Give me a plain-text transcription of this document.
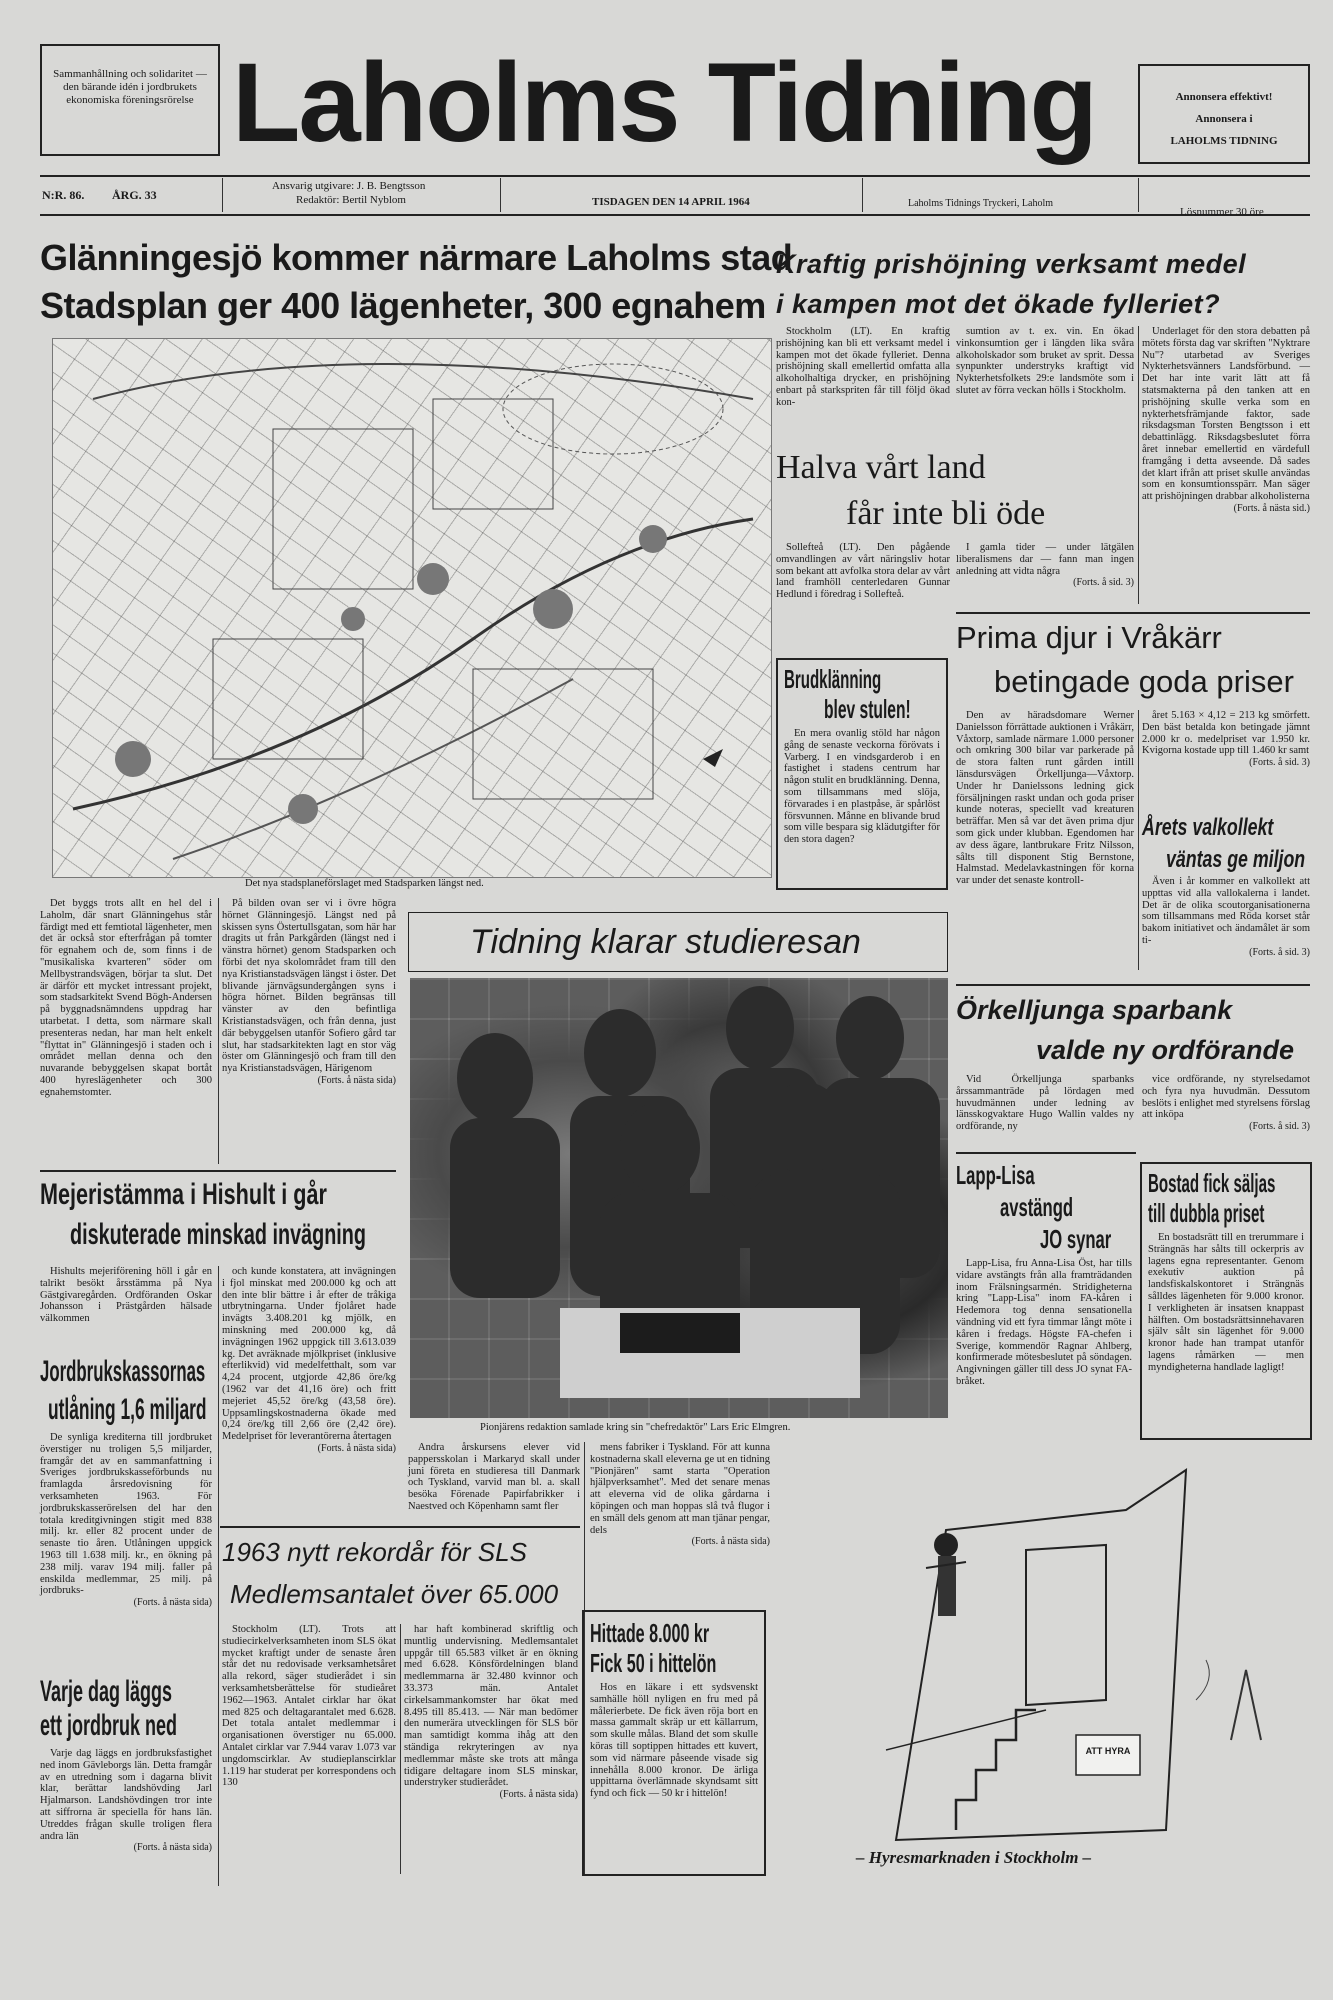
Sammanhållning och solidaritet — den bärande idén i jordbrukets ekonomiska föreningsrörelse Laholms Tidning	Annonsera effektivt!
Annonsera i
LAHOLMS TIDNING
N:R. 86. ÅRG. 33
Ansvarig utgivare: J. B. Bengtsson
Redaktör: Bertil Nyblom	TISDAGEN DEN 14 APRIL 1964	Laholms Tidnings Tryckeri, Laholm
Lösnummer 30 öre
Glänningesjö kommer närmare Laholms stad
Stadsplan ger 400 lägenheter, 300 egnahem
Det nya stadsplaneförslaget med Stadsparken längst ned.

Det byggs trots allt en hel del i Laholm, där snart Glänningehus står färdigt med ett femtiotal lägenheter, men det är också stor efterfrågan på tomter för egnahem och de, som finns i de "musikaliska kvarteren" söder om Mellbystrandsvägen, börjar ta slut. Det är därför ett mycket intressant projekt, som stadsarkitekt Svend Bögh-Andersen på byggnadsnämndens uppdrag har utarbetat. I detta, som närmare skall presenteras nedan, har man helt enkelt "flyttat in" Glänningesjö i staden och i området mellan denna och den nuvarande bebyggelsen skapat bortåt 400 hyreslägenheter och 300 egnahemstomter.

På bilden ovan ser vi i övre högra hörnet Glänningesjö. Längst ned på skissen syns Östertullsgatan, som här har dragits ut från Parkgården (längst ned i vänstra hörnet) genom Stadsparken och förbi det nya skolområdet fram till den nya Kristianstadsvägen längst i öster. Det blivande järnvägsundergången syns i högra hörnet. Bilden begränsas till vänster av den befintliga Kristianstadsvägen, och från denna, just där bebyggelsen utanför Sofiero gård tar slut, har stadsarkitekten lagt en stor väg öster om Glänningesjö och fram till den nya Kristianstadsvägen, Härigenom

(Forts. å nästa sida)
Mejeristämma i Hishult i går
diskuterade minskad invägning

Hishults mejeriförening höll i går en talrikt besökt årsstämma på Nya Gästgivaregården. Ordföranden Oskar Johansson i Prästgården hälsade välkommen

och kunde konstatera, att invägningen i fjol minskat med 200.000 kg och att den inte blir bättre i år efter de tråkiga utbrytningarna. Under fjolåret hade invägts 3.408.201 kg mjölk, en minskning med 200.000 kg, då invägningen 1962 uppgick till 3.613.039 kg. Det avräknade mjölkpriset (inklusive efterlikvid) vid medelfetthalt, som var 4,24 procent, utgjorde 42,86 öre/kg (1962 var det 41,16 öre) och fritt mejeriet 45,52 öre/kg (43,58 öre). Uppsamlingskostnaderna ökade med 0,24 öre/kg till 2,66 öre (2,42 öre). Medelpriset för leverantörerna återtagen

(Forts. å nästa sida)
Jordbrukskassornas
utlåning 1,6 miljard

De synliga krediterna till jordbruket överstiger nu troligen 5,5 miljarder, framgår det av en sammanfattning i Sveriges jordbrukskasseförbunds nu framlagda årsredovisning för verksamheten 1963. För jordbrukskasserörelsen del har den totala kreditgivningen stigit med 838 milj. kr. eller 82 procent under de senaste tio åren. Utlåningen uppgick 1963 till 1.638 milj. kr., en ökning på 238 milj. varav 194 milj. faller på enskilda medlemmar, 25 milj. på jordbruks-

(Forts. å nästa sida)
Varje dag läggs
ett jordbruk ned

Varje dag läggs en jordbruksfastighet ned inom Gävleborgs län. Detta framgår av en utredning som i dagarna blivit klar, berättar landshövding Jarl Hjalmarson. Landshövdingen tror inte att siffrorna är speciella för hans län. Utreddes frågan skulle troligen flera andra län

(Forts. å nästa sida)
Tidning klarar studieresan
Pionjärens redaktion samlade kring sin "chefredaktör" Lars Eric Elmgren.

Andra årskursens elever vid pappersskolan i Markaryd skall under juni företa en studieresa till Danmark och Tyskland, varvid man bl. a. skall besöka Förenade Papirfabrikker i Naestved och Köpenhamn samt fler

mens fabriker i Tyskland. För att kunna kostnaderna skall eleverna ge ut en tidning "Pionjären" samt starta "Operation hjälpverksamhet". Med det senare menas att eleverna vid de olika gårdarna i köpingen och man hoppas slå två flugor i en smäll dels genom att man tjänar pengar, dels

(Forts. å nästa sida)
1963 nytt rekordår för SLS
Medlemsantalet över 65.000

Stockholm (LT). Trots att studiecirkelverksamheten inom SLS ökat mycket kraftigt under de senaste åren står det nu redovisade verksamhetsåret alla rekord, säger studierådet i sin verksamhetsberättelse för studieåret 1962—1963. Antalet cirklar har ökat med 825 och deltagarantalet med 6.628. Det totala antalet medlemmar i organisationen överstiger nu 65.000. Antalet cirklar var 7.944 varav 1.073 var ungdomscirklar. Av studieplanscirklar 1.119 har studerat per korrespondens och 130

har haft kombinerad skriftlig och muntlig undervisning. Medlemsantalet uppgår till 65.583 vilket är en ökning med 6.628. Könsfördelningen bland medlemmarna är 32.480 kvinnor och 33.373 män. Antalet cirkelsammankomster har ökat med 8.495 till 85.413. — När man bedömer den numerära utvecklingen för SLS bör man samtidigt komma ihåg att den ständiga rekryteringen av nya medlemmar måste ske trots att många tidigare deltagare inom SLS minskar, understryker studierådet.

(Forts. å nästa sida)
Hittade 8.000 kr
Fick 50 i hittelön

Hos en läkare i ett sydsvenskt samhälle höll nyligen en fru med på målerierbete. De fick även röja bort en massa gammalt skräp ur ett källarrum, som skulle målas. Bland det som skulle köras till soptippen hittades ett kuvert, som vid närmare påseende visade sig innehålla 8.000 kronor. De ärliga uppittarna överlämnade skyndsamt sitt fynd och fick — 50 kr i hittelön!

Kraftig prishöjning verksamt medel
i kampen mot det ökade fylleriet?

Stockholm (LT). En kraftig prishöjning kan bli ett verksamt medel i kampen mot det ökade fylleriet. Denna prishöjning skall emellertid omfatta alla alkoholhaltiga drycker, en prishöjning enbart på starkspriten får till följd ökad kon-

sumtion av t. ex. vin. En ökad vinkonsumtion ger i längden lika svåra alkoholskador som bruket av sprit. Dessa synpunkter understryks kraftigt vid Nykterhetsfolkets 29:e landsmöte som i slutet av förra veckan hölls i Stockholm.

Underlaget för den stora debatten på mötets första dag var skriften "Nyktrare Nu"? utarbetad av Sveriges Nykterhetsvänners Landsförbund. — Det har inte varit lätt att få statsmakterna på den tanken att en prishöjning skulle verka som en nykterhetsfrämjande faktor, sade riksdagsman Torsten Bengtsson i ett debattinlägg. Riksdagsbeslutet förra året innebar emellertid en värdefull framgång i detta avseende. Då sades det klart ifrån att priset skulle användas som en konsumtionsspärr. Man säger att prishöjningen drabbar alkoholisterna

(Forts. å nästa sid.)
Halva vårt land
får inte bli öde

Sollefteå (LT). Den pågående omvandlingen av vårt näringsliv hotar som bekant att avfolka stora delar av vårt land framhöll centerledaren Gunnar Hedlund i föredrag i Sollefteå.

I gamla tider — under lätgälen liberalismens dar — fann man ingen anledning att vidta några

(Forts. å sid. 3)
Brudklänning
blev stulen!

En mera ovanlig stöld har någon gång de senaste veckorna förövats i Varberg. I en vindsgarderob i en fastighet i stadens centrum har någon stulit en brudklänning. Denna, som tillsammans med slöja, förvarades i en plastpåse, är spårlöst försvunnen. Månne en blivande brud som ville bespara sig klädutgifter för den stora dagen?

Prima djur i Vråkärr
betingade goda priser

Den av häradsdomare Werner Danielsson förrättade auktionen i Vråkärr, Våxtorp, samlade närmare 1.000 personer och omkring 300 bilar var parkerade på de stora falten runt gården intill länsdursvägen Örkelljunga—Våxtorp. Under hr Danielssons ledning gick försäljningen raskt undan och goda priser kunde noteras, speciellt vad kreaturen beträffar. Men så var det även prima djur som gick under klubban. Egendomen har av dess ägare, lantbrukare Fritz Nilsson, sålts till disponent Stig Bernstone, Halmstad. Medelavkastningen för korna var under det senaste kontroll-

året 5.163 × 4,12 = 213 kg smörfett. Den bäst betalda kon betingade jämnt 2.000 kr o. medelpriset var 1.950 kr. Kvigorna kostade upp till 1.460 kr samt

(Forts. å sid. 3)
Årets valkollekt
väntas ge miljon

Även i år kommer en valkollekt att uppttas vid alla vallokalerna i landet. Det är de olika scoutorganisationerna som tillsammans med Röda korset står bakom initiativet och ändamålet är som ti-

(Forts. å sid. 3)
Örkelljunga sparbank
valde ny ordförande

Vid Örkelljunga sparbanks årssammanträde på lördagen med huvudmännen under ledning av länsskogvaktare Hugo Wallin valdes ny ordförande, ny

vice ordförande, ny styrelsedamot och fyra nya huvudmän. Dessutom beslöts i enlighet med styrelsens förslag att inköpa

(Forts. å sid. 3)
Lapp-Lisa
avstängd
JO synar

Lapp-Lisa, fru Anna-Lisa Öst, har tills vidare avstängts från alla framträdanden inom Frälsningsarmén. Stridigheterna kring "Lapp-Lisa" inom FA-kåren i Hedemora tog denna sensationella vändning vid ett fyra timmar långt möte i kåren i fredags. Högste FA-chefen i Sverige, kommendör Ragnar Ahlberg, konfirmerade mötesbeslutet på söndagen. Angivningen gäller till dess JO synat FA-bråket.

Bostad fick säljas
till dubbla priset

En bostadsrätt till en trerummare i Strängnäs har sålts till ockerpris av lagens egna representanter. Genom exekutiv auktion på landsfiskalskontoret i Strängnäs sålldes lägenheten för 9.000 kronor. I verkligheten är insatsen knappast hälften. Om bostadsrättsinnehavaren själv sålt sin lägenhet för 9.000 kronor hade han trampat utanför lagens råmärken — men myndigheterna handlade lagligt!

ATT HYRA
– Hyresmarknaden i Stockholm –
